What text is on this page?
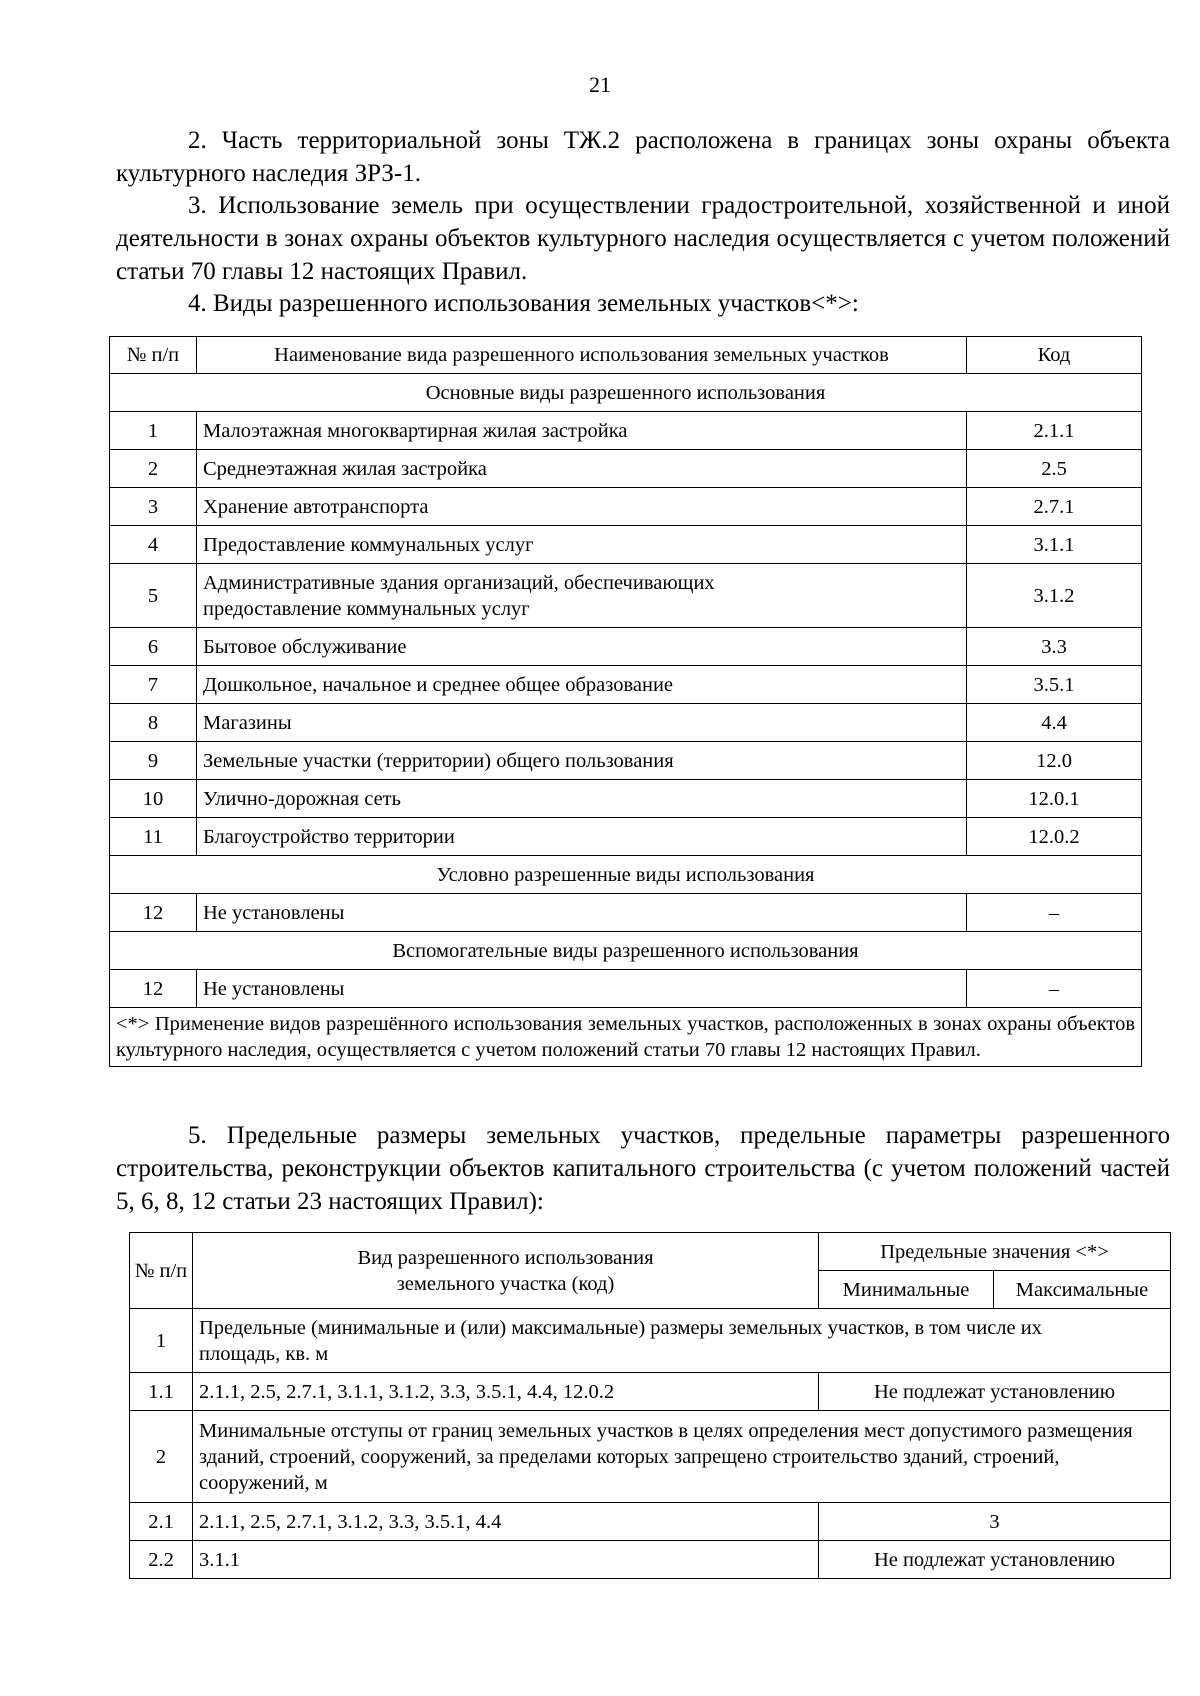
21
2. Часть территориальной зоны ТЖ.2 расположена в границах зоны охраны объекта культурного наследия ЗРЗ-1.
3. Использование земель при осуществлении градостроительной, хозяйственной и иной деятельности в зонах охраны объектов культурного наследия осуществляется с учетом положений статьи 70 главы 12 настоящих Правил.
4. Виды разрешенного использования земельных участков<*>:
№ п/п	Наименование вида разрешенного использования земельных участков	Код
Основные виды разрешенного использования		
1	Малоэтажная многоквартирная жилая застройка	2.1.1
2	Среднеэтажная жилая застройка	2.5
3	Хранение автотранспорта	2.7.1
4	Предоставление коммунальных услуг	3.1.1
5	Административные здания организаций, обеспечивающих предоставление коммунальных услуг	3.1.2
6	Бытовое обслуживание	3.3
7	Дошкольное, начальное и среднее общее образование	3.5.1
8	Магазины	4.4
9	Земельные участки (территории) общего пользования	12.0
10	Улично-дорожная сеть	12.0.1
11	Благоустройство территории	12.0.2
Условно разрешенные виды использования		
12	Не установлены	–
Вспомогательные виды разрешенного использования		
12	Не установлены	–
<*> Применение видов разрешённого использования земельных участков, расположенных в зонах охраны объектов культурного наследия, осуществляется с учетом положений статьи 70 главы 12 настоящих Правил.		
5. Предельные размеры земельных участков, предельные параметры разрешенного строительства, реконструкции объектов капитального строительства (с учетом положений частей 5, 6, 8, 12 статьи 23 настоящих Правил):
№ п/п	Вид разрешенного использования земельного участка (код)	Предельные значения <*>	
		Минимальные	Максимальные
1	Предельные (минимальные и (или) максимальные) размеры земельных участков, в том числе их площадь, кв. м		
1.1	2.1.1, 2.5, 2.7.1, 3.1.1, 3.1.2, 3.3, 3.5.1, 4.4, 12.0.2	Не подлежат установлению	
2	Минимальные отступы от границ земельных участков в целях определения мест допустимого размещения зданий, строений, сооружений, за пределами которых запрещено строительство зданий, строений, сооружений, м		
2.1	2.1.1, 2.5, 2.7.1, 3.1.2, 3.3, 3.5.1, 4.4	3	
2.2	3.1.1	Не подлежат установлению	
